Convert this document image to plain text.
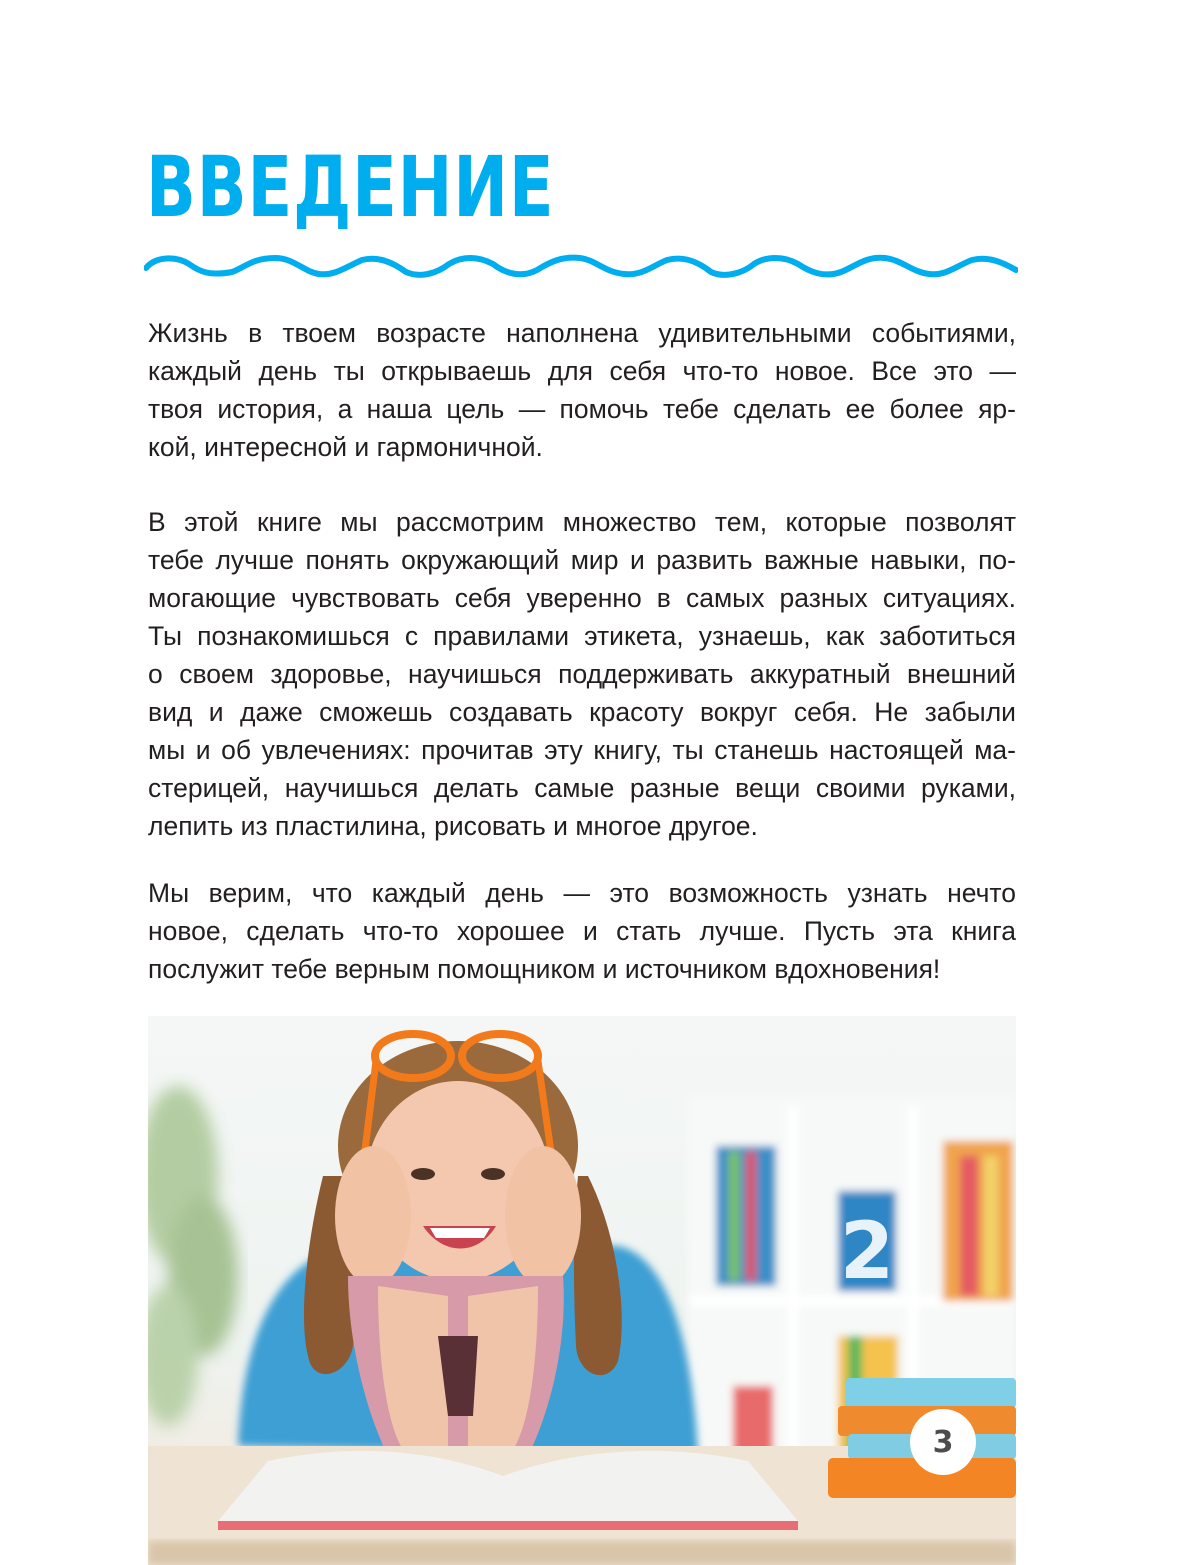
ВВЕДЕНИЕ
Жизнь в твоем возрасте наполнена удивительными событиями,
каждый день ты открываешь для себя что-то новое. Все это —
твоя история, а наша цель — помочь тебе сделать ее более яр-
кой, интересной и гармоничной.
В этой книге мы рассмотрим множество тем, которые позволят
тебе лучше понять окружающий мир и развить важные навыки, по-
могающие чувствовать себя уверенно в самых разных ситуациях.
Ты познакомишься с правилами этикета, узнаешь, как заботиться
о своем здоровье, научишься поддерживать аккуратный внешний
вид и даже сможешь создавать красоту вокруг себя. Не забыли
мы и об увлечениях: прочитав эту книгу, ты станешь настоящей ма-
стерицей, научишься делать самые разные вещи своими руками,
лепить из пластилина, рисовать и многое другое.
Мы верим, что каждый день — это возможность узнать нечто
новое, сделать что-то хорошее и стать лучше. Пусть эта книга
послужит тебе верным помощником и источником вдохновения!
2
3
